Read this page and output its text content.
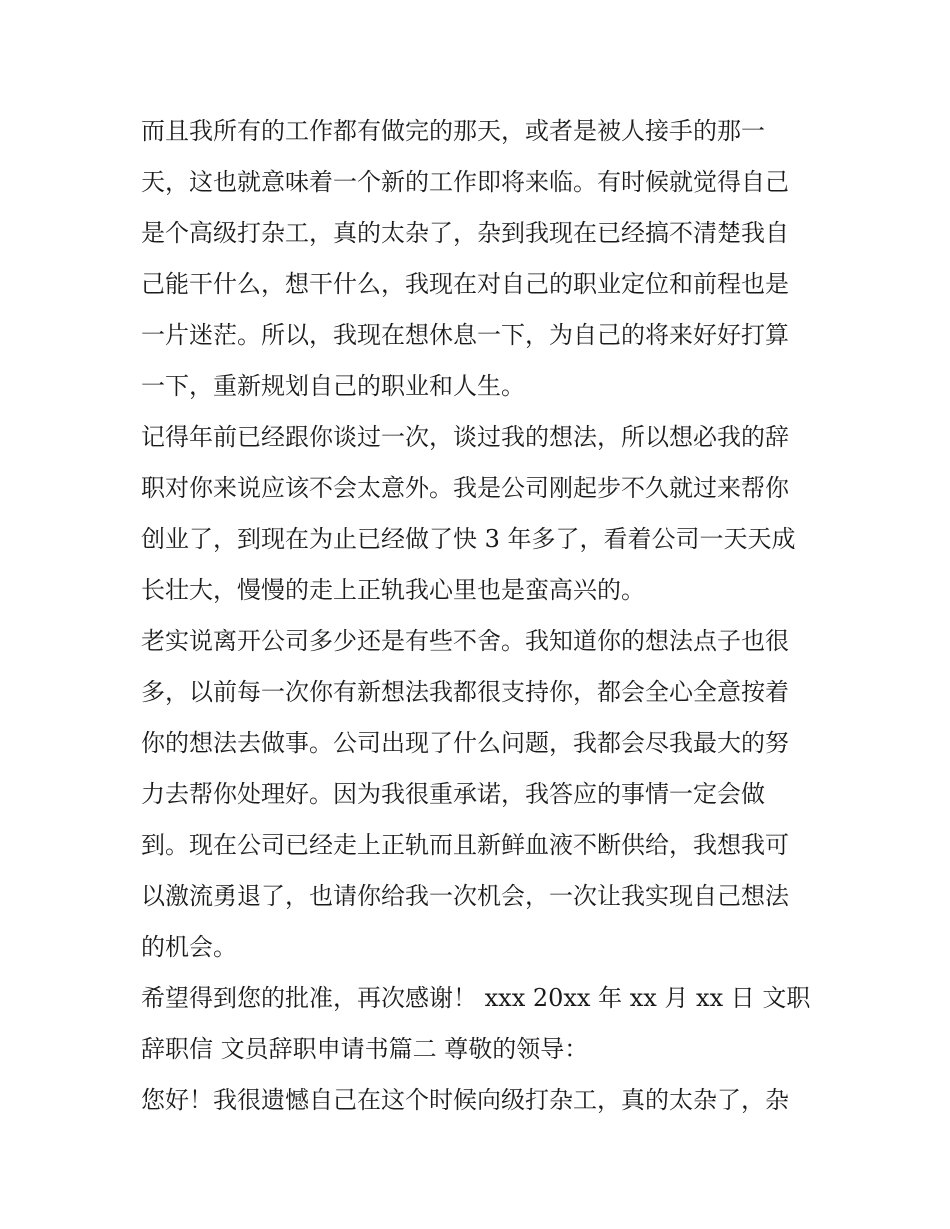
而且我所有的工作都有做完的那天，或者是被人接手的那一
天，这也就意味着一个新的工作即将来临。有时候就觉得自己
是个高级打杂工，真的太杂了，杂到我现在已经搞不清楚我自
己能干什么，想干什么，我现在对自己的职业定位和前程也是
一片迷茫。所以，我现在想休息一下，为自己的将来好好打算
一下，重新规划自己的职业和人生。
记得年前已经跟你谈过一次，谈过我的想法，所以想必我的辞
职对你来说应该不会太意外。我是公司刚起步不久就过来帮你
创业了，到现在为止已经做了快 3 年多了，看着公司一天天成
长壮大，慢慢的走上正轨我心里也是蛮高兴的。
老实说离开公司多少还是有些不舍。我知道你的想法点子也很
多，以前每一次你有新想法我都很支持你，都会全心全意按着
你的想法去做事。公司出现了什么问题，我都会尽我最大的努
力去帮你处理好。因为我很重承诺，我答应的事情一定会做
到。现在公司已经走上正轨而且新鲜血液不断供给，我想我可
以激流勇退了，也请你给我一次机会，一次让我实现自己想法
的机会。
希望得到您的批准，再次感谢！ xxx 20xx 年 xx 月 xx 日 文职
辞职信 文员辞职申请书篇二 尊敬的领导：
您好！我很遗憾自己在这个时候向级打杂工，真的太杂了，杂
